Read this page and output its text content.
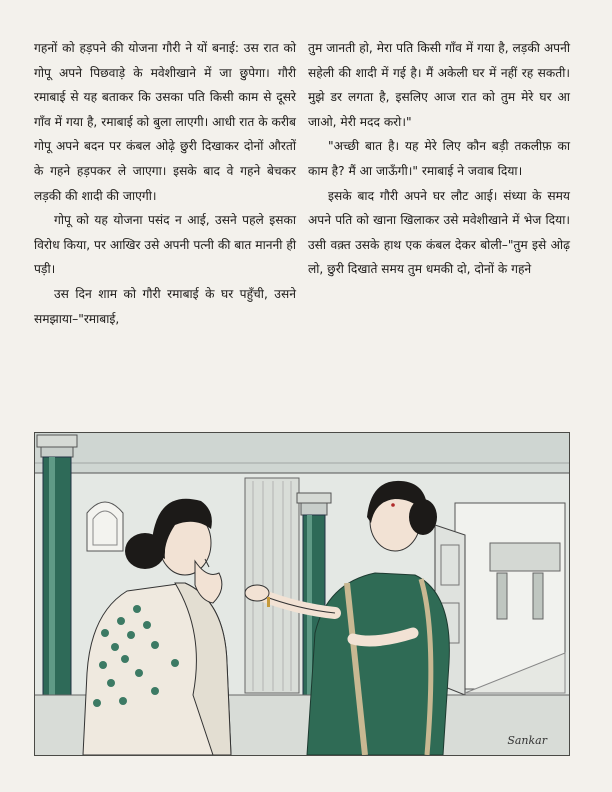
गहनों को हड़पने की योजना गौरी ने यों बनाई: उस रात को गोपू अपने पिछवाड़े के मवेशीखाने में जा छुपेगा। गौरी रमाबाई से यह बताकर कि उसका पति किसी काम से दूसरे गाँव में गया है, रमाबाई को बुला लाएगी। आधी रात के करीब गोपू अपने बदन पर कंबल ओढ़े छुरी दिखाकर दोनों औरतों के गहने हड़पकर ले जाएगा। इसके बाद वे गहने बेचकर लड़की की शादी की जाएगी।

गोपू को यह योजना पसंद न आई, उसने पहले इसका विरोध किया, पर आखिर उसे अपनी पत्नी की बात माननी ही पड़ी।

उस दिन शाम को गौरी रमाबाई के घर पहुँची, उसने समझाया–"रमाबाई,

तुम जानती हो, मेरा पति किसी गाँव में गया है, लड़की अपनी सहेली की शादी में गई है। मैं अकेली घर में नहीं रह सकती। मुझे डर लगता है, इसलिए आज रात को तुम मेरे घर आ जाओ, मेरी मदद करो।"

"अच्छी बात है। यह मेरे लिए कौन बड़ी तकलीफ़ का काम है? मैं आ जाऊँगी।" रमाबाई ने जवाब दिया।

इसके बाद गौरी अपने घर लौट आई। संध्या के समय अपने पति को खाना खिलाकर उसे मवेशीखाने में भेज दिया। उसी वक़्त उसके हाथ एक कंबल देकर बोली–"तुम इसे ओढ़ लो, छुरी दिखाते समय तुम धमकी दो, दोनों के गहने

Sankar
